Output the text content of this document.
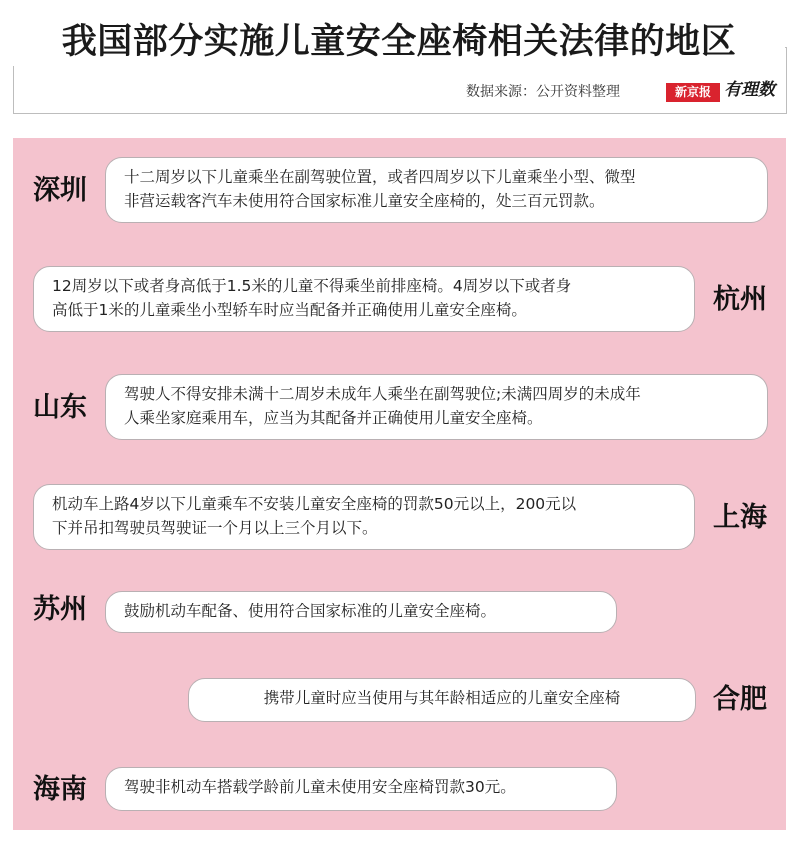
我国部分实施儿童安全座椅相关法律的地区
数据来源：公开资料整理	新京报 有理数
深圳 十二周岁以下儿童乘坐在副驾驶位置，或者四周岁以下儿童乘坐小型、微型
非营运载客汽车未使用符合国家标准儿童安全座椅的，处三百元罚款。
12周岁以下或者身高低于1.5米的儿童不得乘坐前排座椅。4周岁以下或者身
高低于1米的儿童乘坐小型轿车时应当配备并正确使用儿童安全座椅。	杭州
山东 驾驶人不得安排未满十二周岁未成年人乘坐在副驾驶位;未满四周岁的未成年
人乘坐家庭乘用车，应当为其配备并正确使用儿童安全座椅。
机动车上路4岁以下儿童乘车不安装儿童安全座椅的罚款50元以上，200元以
下并吊扣驾驶员驾驶证一个月以上三个月以下。	上海
苏州 鼓励机动车配备、使用符合国家标准的儿童安全座椅。
携带儿童时应当使用与其年龄相适应的儿童安全座椅	合肥
海南 驾驶非机动车搭载学龄前儿童未使用安全座椅罚款30元。
